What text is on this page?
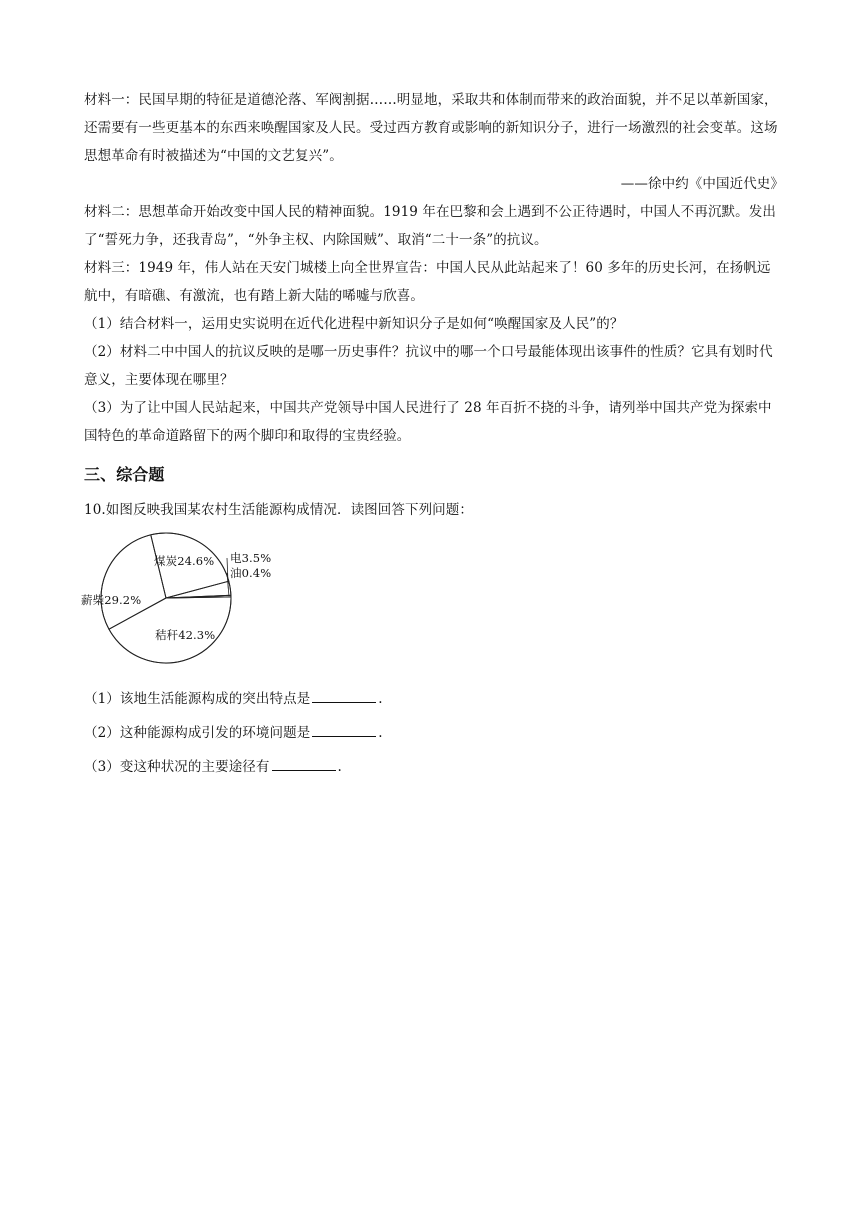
材料一：民国早期的特征是道德沦落、军阀割据……明显地，采取共和体制而带来的政治面貌，并不足以革新国家，还需要有一些更基本的东西来唤醒国家及人民。受过西方教育或影响的新知识分子，进行一场激烈的社会变革。这场思想革命有时被描述为“中国的文艺复兴”。

——徐中约《中国近代史》

材料二：思想革命开始改变中国人民的精神面貌。1919 年在巴黎和会上遇到不公正待遇时，中国人不再沉默。发出了“誓死力争，还我青岛”，“外争主权、内除国贼”、取消“二十一条”的抗议。

材料三：1949 年，伟人站在天安门城楼上向全世界宣告：中国人民从此站起来了！60 多年的历史长河，在扬帆远航中，有暗礁、有激流，也有踏上新大陆的唏嘘与欣喜。

（1）结合材料一，运用史实说明在近代化进程中新知识分子是如何“唤醒国家及人民”的？

（2）材料二中中国人的抗议反映的是哪一历史事件？抗议中的哪一个口号最能体现出该事件的性质？它具有划时代意义，主要体现在哪里？

（3）为了让中国人民站起来，中国共产党领导中国人民进行了 28 年百折不挠的斗争，请列举中国共产党为探索中国特色的革命道路留下的两个脚印和取得的宝贵经验。

三、综合题

10.如图反映我国某农村生活能源构成情况．读图回答下列问题：

电3.5%
油0.4%
秸秆42.3%
薪柴29.2%
煤炭24.6%

（1）该地生活能源构成的突出特点是	.

（2）这种能源构成引发的环境问题是	.

（3）变这种状况的主要途径有	.
